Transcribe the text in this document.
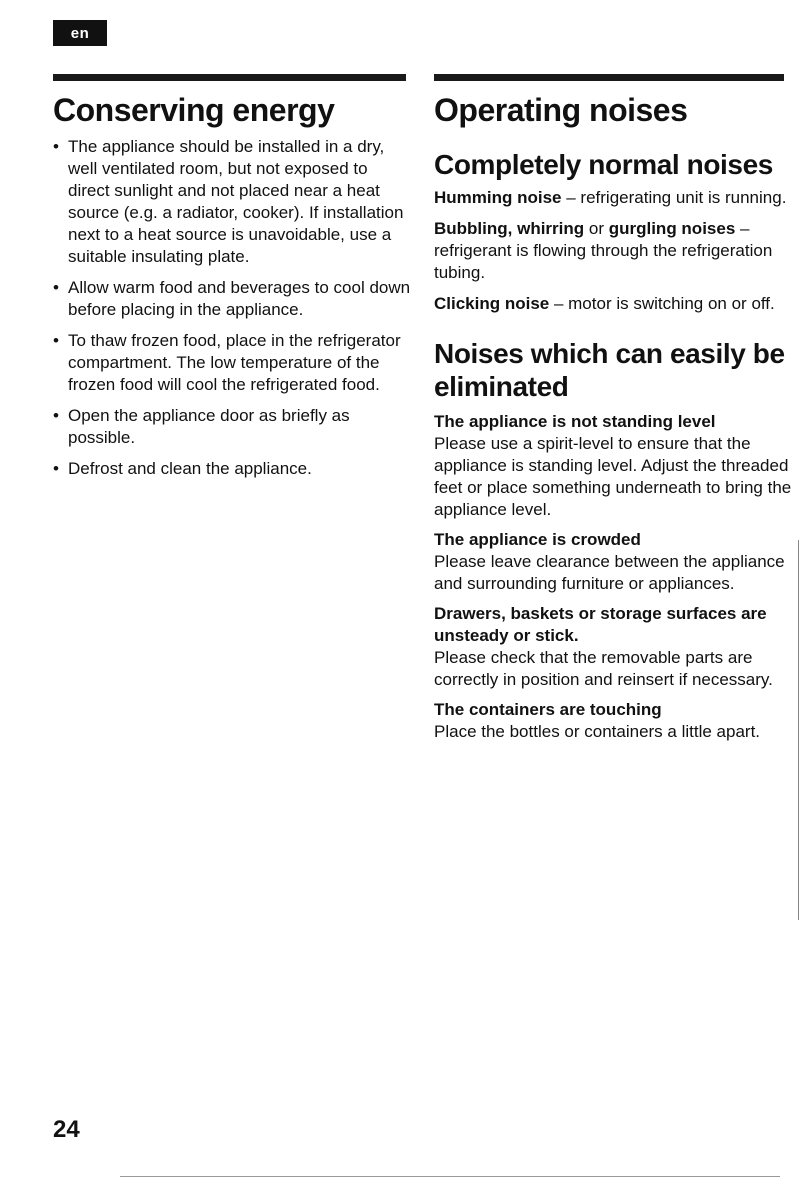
en
Conserving energy
• The appliance should be installed in a dry, well ventilated room, but not exposed to direct sunlight and not placed near a heat source (e.g. a radiator, cooker). If installation next to a heat source is unavoidable, use a suitable insulating plate.
• Allow warm food and beverages to cool down before placing in the appliance.
• To thaw frozen food, place in the refrigerator compartment. The low temperature of the frozen food will cool the refrigerated food.
• Open the appliance door as briefly as possible.
• Defrost and clean the appliance.
Operating noises
Completely normal noises
Humming noise – refrigerating unit is running.
Bubbling, whirring or gurgling noises – refrigerant is flowing through the refrigeration tubing.
Clicking noise – motor is switching on or off.
Noises which can easily be eliminated
The appliance is not standing level
Please use a spirit-level to ensure that the appliance is standing level. Adjust the threaded feet or place something underneath to bring the appliance level.
The appliance is crowded
Please leave clearance between the appliance and surrounding furniture or appliances.
Drawers, baskets or storage surfaces are unsteady or stick.
Please check that the removable parts are correctly in position and reinsert if necessary.
The containers are touching
Place the bottles or containers a little apart.
24
